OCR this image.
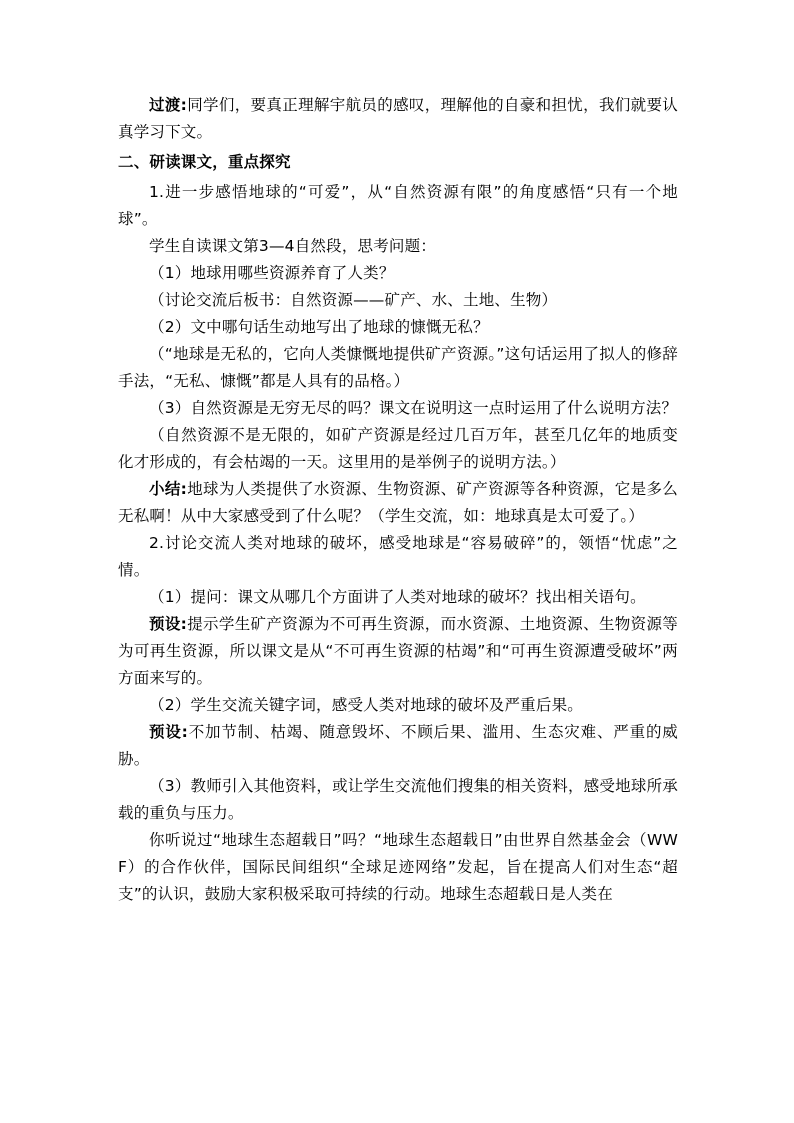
过渡:同学们，要真正理解宇航员的感叹，理解他的自豪和担忧，我们就要认真学习下文。

二、研读课文，重点探究

1.进一步感悟地球的“可爱”，从“自然资源有限”的角度感悟“只有一个地球”。

学生自读课文第3—4自然段，思考问题：

（1）地球用哪些资源养育了人类？

（讨论交流后板书：自然资源——矿产、水、土地、生物）

（2）文中哪句话生动地写出了地球的慷慨无私？

（“地球是无私的，它向人类慷慨地提供矿产资源。”这句话运用了拟人的修辞手法，“无私、慷慨”都是人具有的品格。）

（3）自然资源是无穷无尽的吗？课文在说明这一点时运用了什么说明方法？

（自然资源不是无限的，如矿产资源是经过几百万年，甚至几亿年的地质变化才形成的，有会枯竭的一天。这里用的是举例子的说明方法。）

小结:地球为人类提供了水资源、生物资源、矿产资源等各种资源，它是多么无私啊！从中大家感受到了什么呢？（学生交流，如：地球真是太可爱了。）

2.讨论交流人类对地球的破坏，感受地球是“容易破碎”的，领悟“忧虑”之情。

（1）提问：课文从哪几个方面讲了人类对地球的破坏？找出相关语句。

预设:提示学生矿产资源为不可再生资源，而水资源、土地资源、生物资源等为可再生资源，所以课文是从“不可再生资源的枯竭”和“可再生资源遭受破坏”两方面来写的。

（2）学生交流关键字词，感受人类对地球的破坏及严重后果。

预设:不加节制、枯竭、随意毁坏、不顾后果、滥用、生态灾难、严重的威胁。

（3）教师引入其他资料，或让学生交流他们搜集的相关资料，感受地球所承载的重负与压力。

你听说过“地球生态超载日”吗？“地球生态超载日”由世界自然基金会（WWF）的合作伙伴，国际民间组织“全球足迹网络”发起，旨在提高人们对生态“超支”的认识，鼓励大家积极采取可持续的行动。地球生态超载日是人类在
